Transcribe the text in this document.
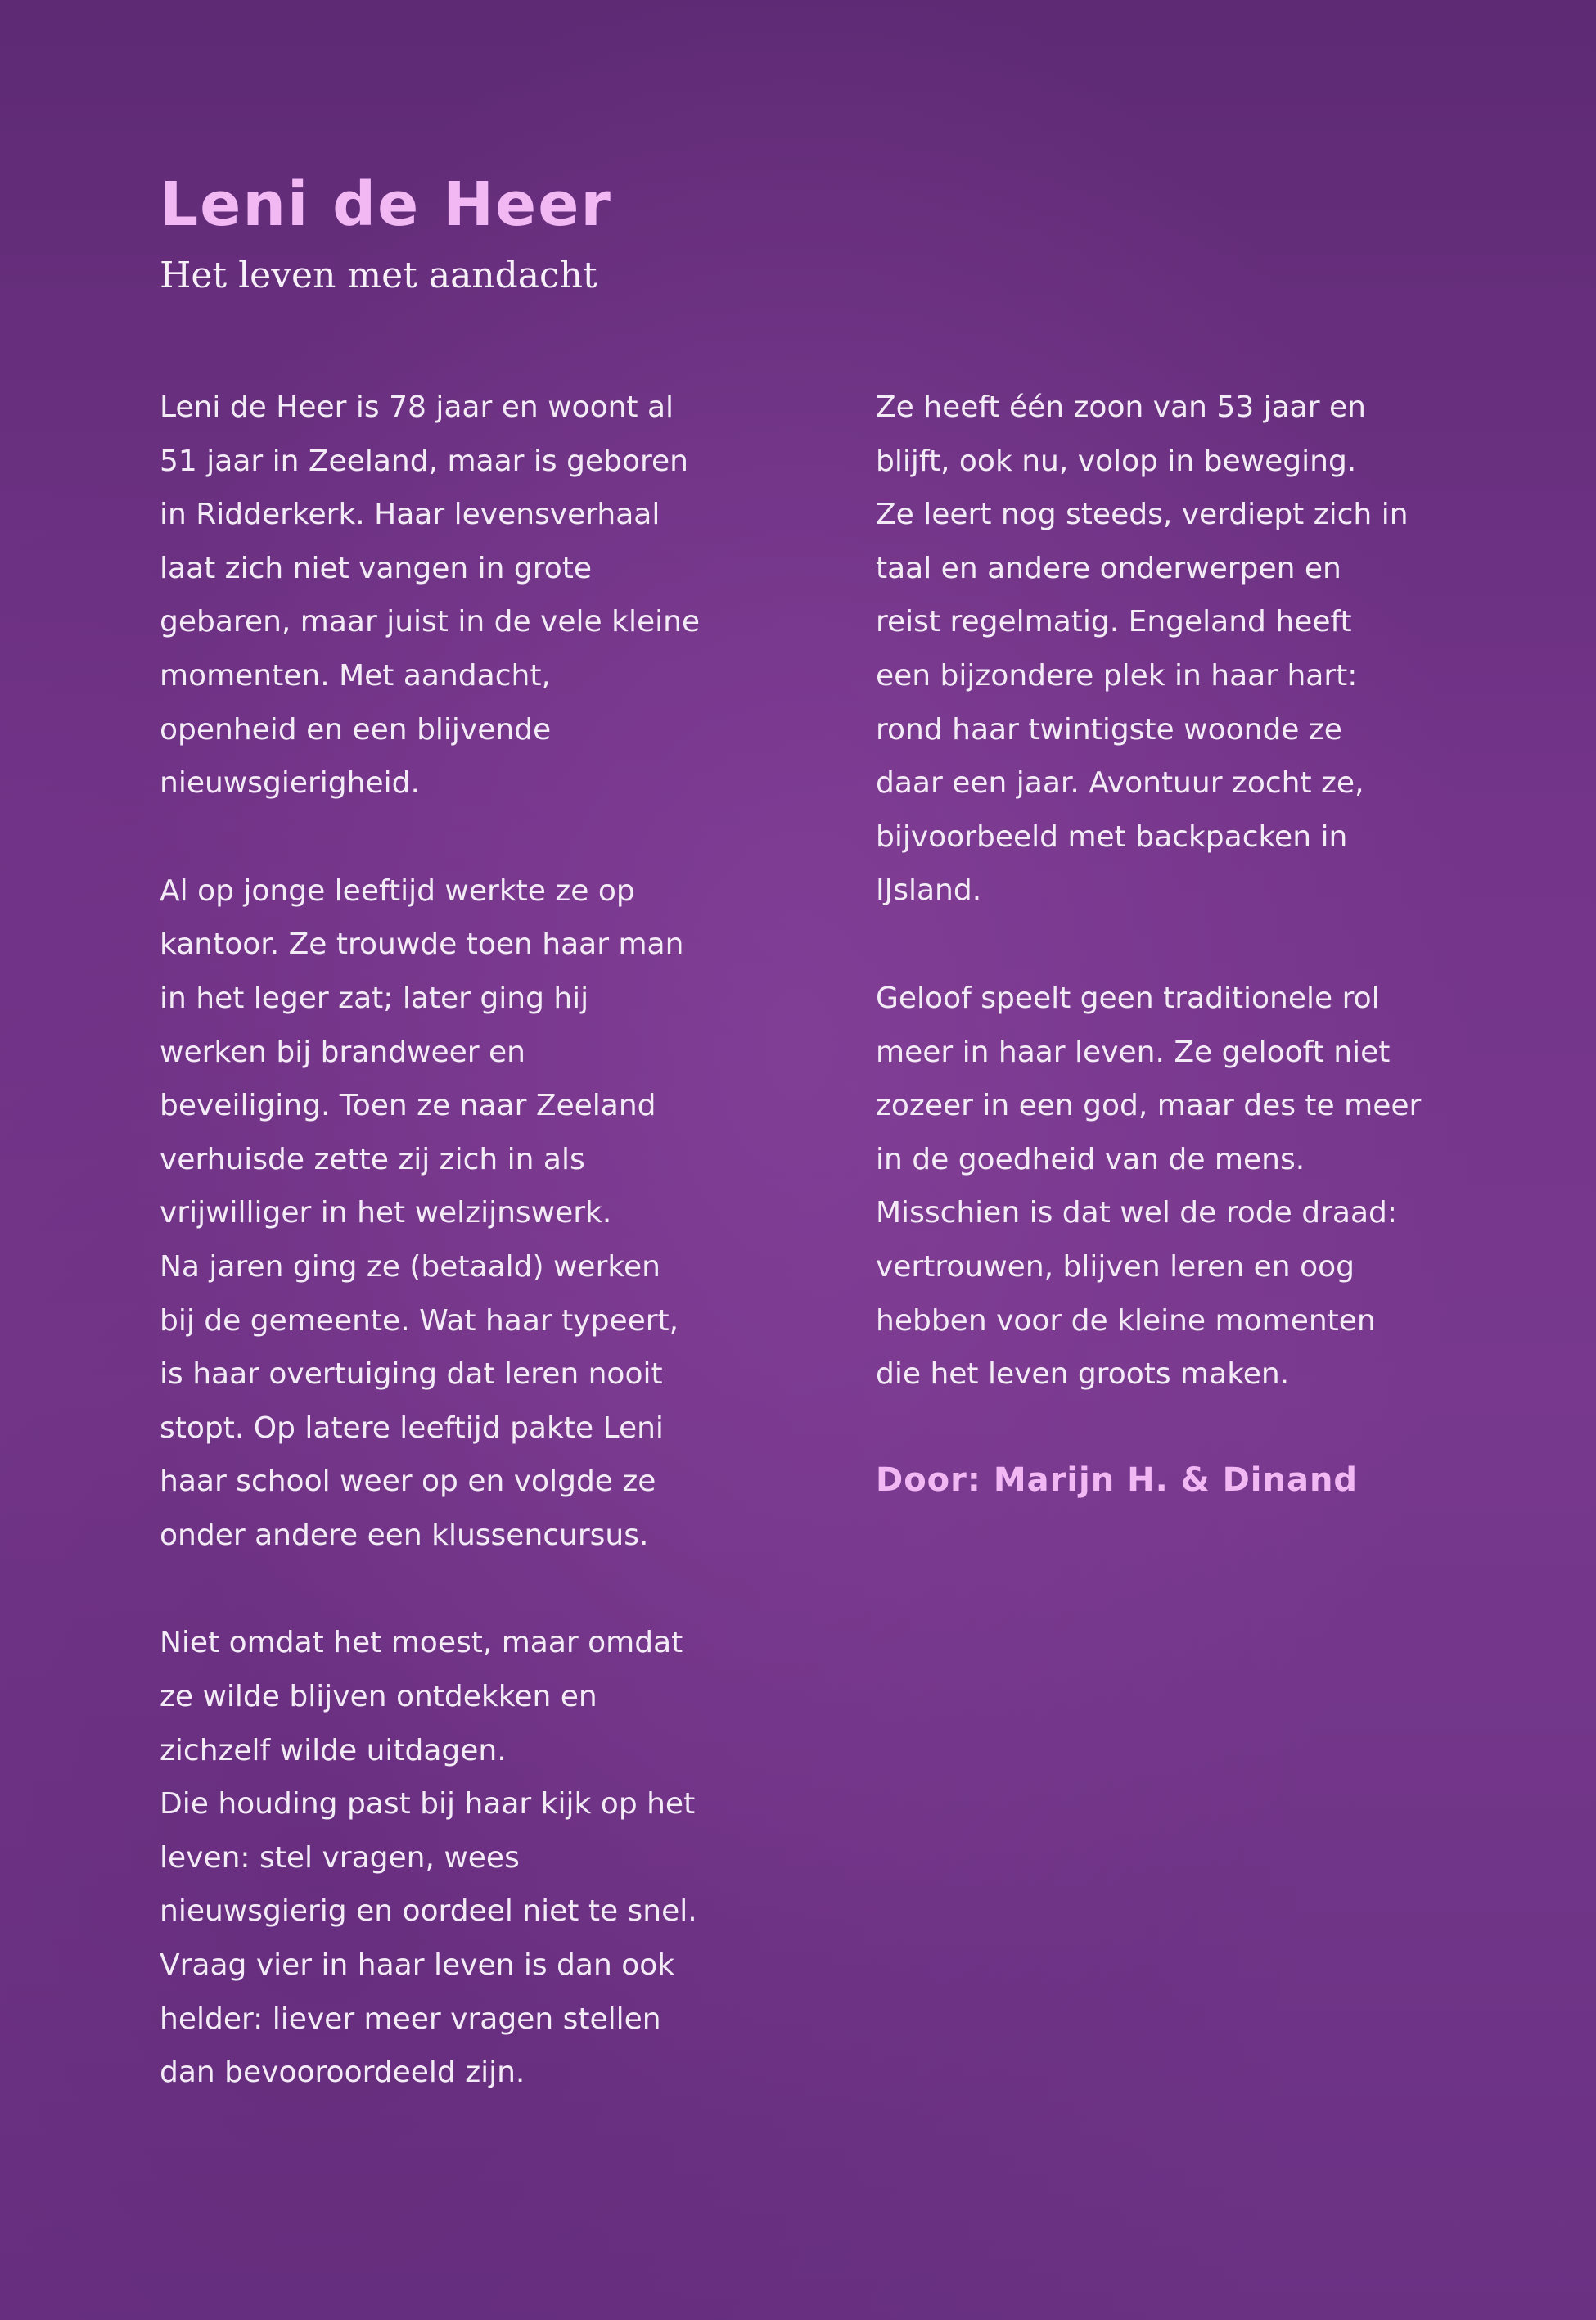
Leni de Heer
Het leven met aandacht

Leni de Heer is 78 jaar en woont al
51 jaar in Zeeland, maar is geboren
in Ridderkerk. Haar levensverhaal
laat zich niet vangen in grote
gebaren, maar juist in de vele kleine
momenten. Met aandacht,
openheid en een blijvende
nieuwsgierigheid.

Al op jonge leeftijd werkte ze op
kantoor. Ze trouwde toen haar man
in het leger zat; later ging hij
werken bij brandweer en
beveiliging. Toen ze naar Zeeland
verhuisde zette zij zich in als
vrijwilliger in het welzijnswerk.
Na jaren ging ze (betaald) werken
bij de gemeente. Wat haar typeert,
is haar overtuiging dat leren nooit
stopt. Op latere leeftijd pakte Leni
haar school weer op en volgde ze
onder andere een klussencursus.

Niet omdat het moest, maar omdat
ze wilde blijven ontdekken en
zichzelf wilde uitdagen.
Die houding past bij haar kijk op het
leven: stel vragen, wees
nieuwsgierig en oordeel niet te snel.
Vraag vier in haar leven is dan ook
helder: liever meer vragen stellen
dan bevooroordeeld zijn.

Ze heeft één zoon van 53 jaar en
blijft, ook nu, volop in beweging.
Ze leert nog steeds, verdiept zich in
taal en andere onderwerpen en
reist regelmatig. Engeland heeft
een bijzondere plek in haar hart:
rond haar twintigste woonde ze
daar een jaar. Avontuur zocht ze,
bijvoorbeeld met backpacken in
IJsland.

Geloof speelt geen traditionele rol
meer in haar leven. Ze gelooft niet
zozeer in een god, maar des te meer
in de goedheid van de mens.
Misschien is dat wel de rode draad:
vertrouwen, blijven leren en oog
hebben voor de kleine momenten
die het leven groots maken.

Door: Marijn H. & Dinand
